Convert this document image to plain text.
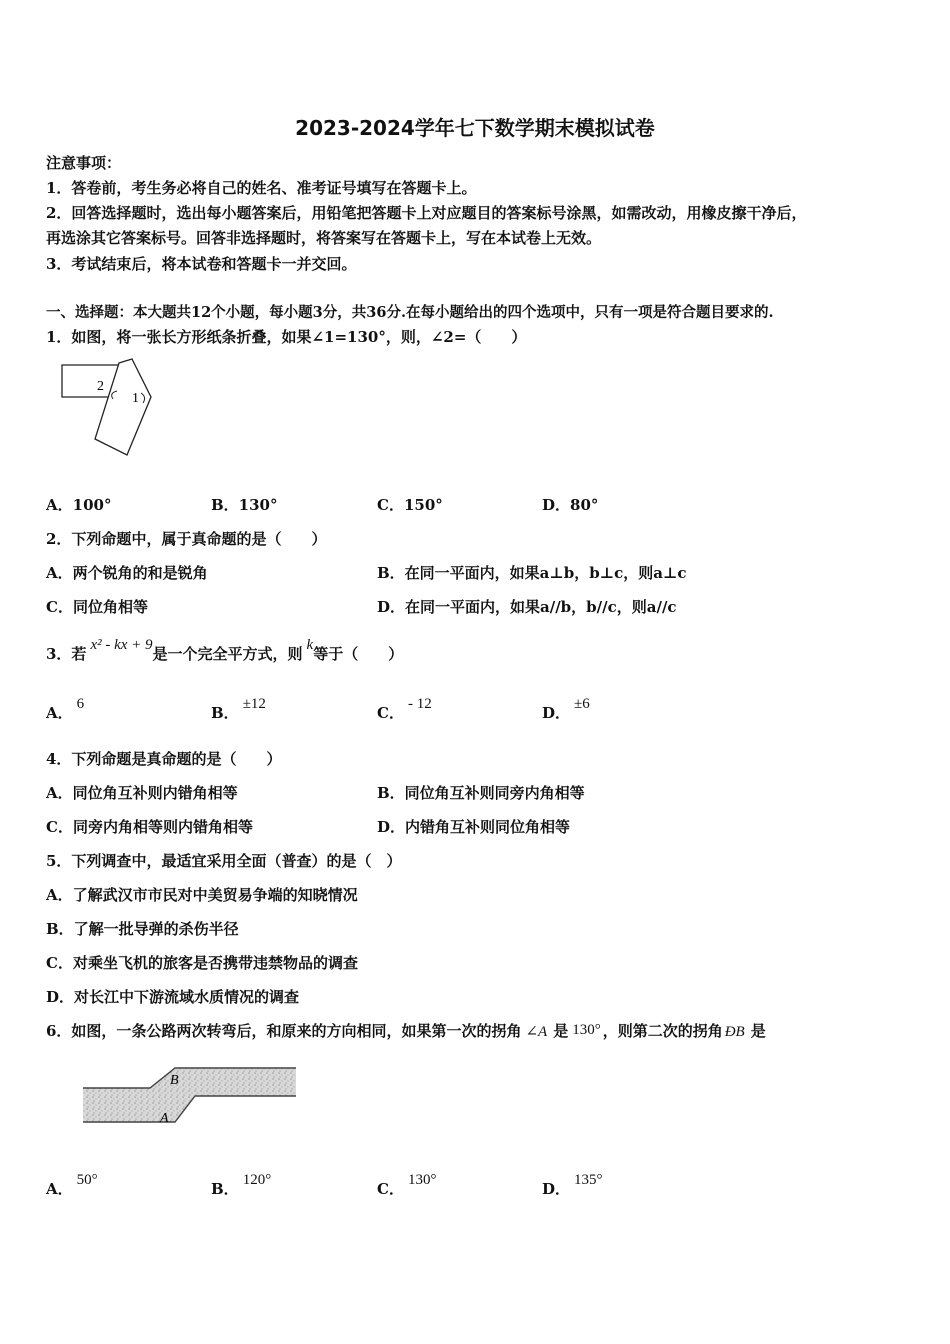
2023-2024学年七下数学期末模拟试卷
注意事项：
1．答卷前，考生务必将自己的姓名、准考证号填写在答题卡上。
2．回答选择题时，选出每小题答案后，用铅笔把答题卡上对应题目的答案标号涂黑，如需改动，用橡皮擦干净后，
再选涂其它答案标号。回答非选择题时，将答案写在答题卡上，写在本试卷上无效。
3．考试结束后，将本试卷和答题卡一并交回。
一、选择题：本大题共12个小题，每小题3分，共36分.在每小题给出的四个选项中，只有一项是符合题目要求的.
1．如图，将一张长方形纸条折叠，如果∠1=130°，则，∠2=（　　）
2
1
A．100°	B．130°	C．150°	D．80°
2．下列命题中，属于真命题的是（　　）
A．两个锐角的和是锐角	B．在同一平面内，如果a⊥b，b⊥c，则a⊥c
C．同位角相等	D．在同一平面内，如果a//b，b//c，则a//c
3．若 x² - kx + 9是一个完全平方式，则 k等于（　　）
A． 6	B． ±12	C． - 12	D． ±6
4．下列命题是真命题的是（　　）
A．同位角互补则内错角相等	B．同位角互补则同旁内角相等
C．同旁内角相等则内错角相等	D．内错角互补则同位角相等
5．下列调查中，最适宜采用全面（普查）的是（　）
A．了解武汉市市民对中美贸易争端的知晓情况
B．了解一批导弹的杀伤半径
C．对乘坐飞机的旅客是否携带违禁物品的调查
D．对长江中下游流域水质情况的调查
6．如图，一条公路两次转弯后，和原来的方向相同，如果第一次的拐角 ∠A 是 130° ，则第二次的拐角 ÐB 是
B
A
A． 50°	B． 120°	C． 130°	D． 135°
